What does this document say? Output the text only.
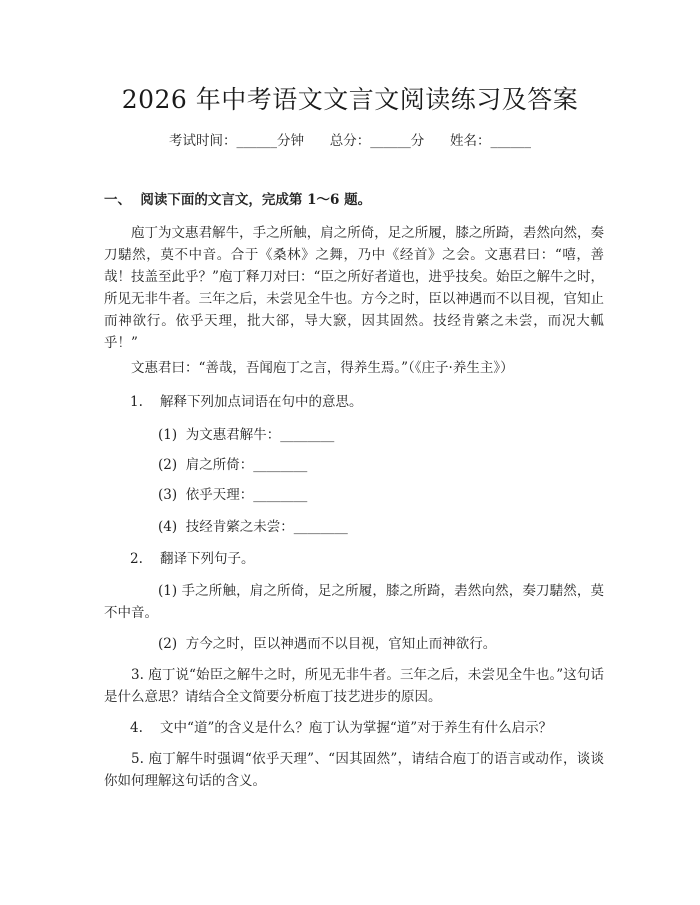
2026 年中考语文文言文阅读练习及答案
考试时间：______分钟      总分：______分      姓名：______
一、  阅读下面的文言文，完成第 1～6 题。

庖丁为文惠君解牛，手之所触，肩之所倚，足之所履，膝之所踦，砉然向然，奏刀騞然，莫不中音。合于《桑林》之舞，乃中《经首》之会。文惠君曰：“嘻，善哉！技盖至此乎？”庖丁释刀对曰：“臣之所好者道也，进乎技矣。始臣之解牛之时，所见无非牛者。三年之后，未尝见全牛也。方今之时，臣以神遇而不以目视，官知止而神欲行。依乎天理，批大郤，导大窾，因其固然。技经肯綮之未尝，而况大軱乎！”

文惠君曰：“善哉，吾闻庖丁之言，得养生焉。”（《庄子·养生主》）

1.    解释下列加点词语在句中的意思。
(1)  为文惠君解牛：________
(2)  肩之所倚：________
(3)  依乎天理：________
(4)  技经肯綮之未尝：________
2.    翻译下列句子。

(1) 手之所触，肩之所倚，足之所履，膝之所踦，砉然向然，奏刀騞然，莫不中音。

(2)  方今之时，臣以神遇而不以目视，官知止而神欲行。

3. 庖丁说“始臣之解牛之时，所见无非牛者。三年之后，未尝见全牛也。”这句话是什么意思？请结合全文简要分析庖丁技艺进步的原因。

4.    文中“道”的含义是什么？庖丁认为掌握“道”对于养生有什么启示？

5. 庖丁解牛时强调“依乎天理”、“因其固然”，请结合庖丁的语言或动作，谈谈你如何理解这句话的含义。
